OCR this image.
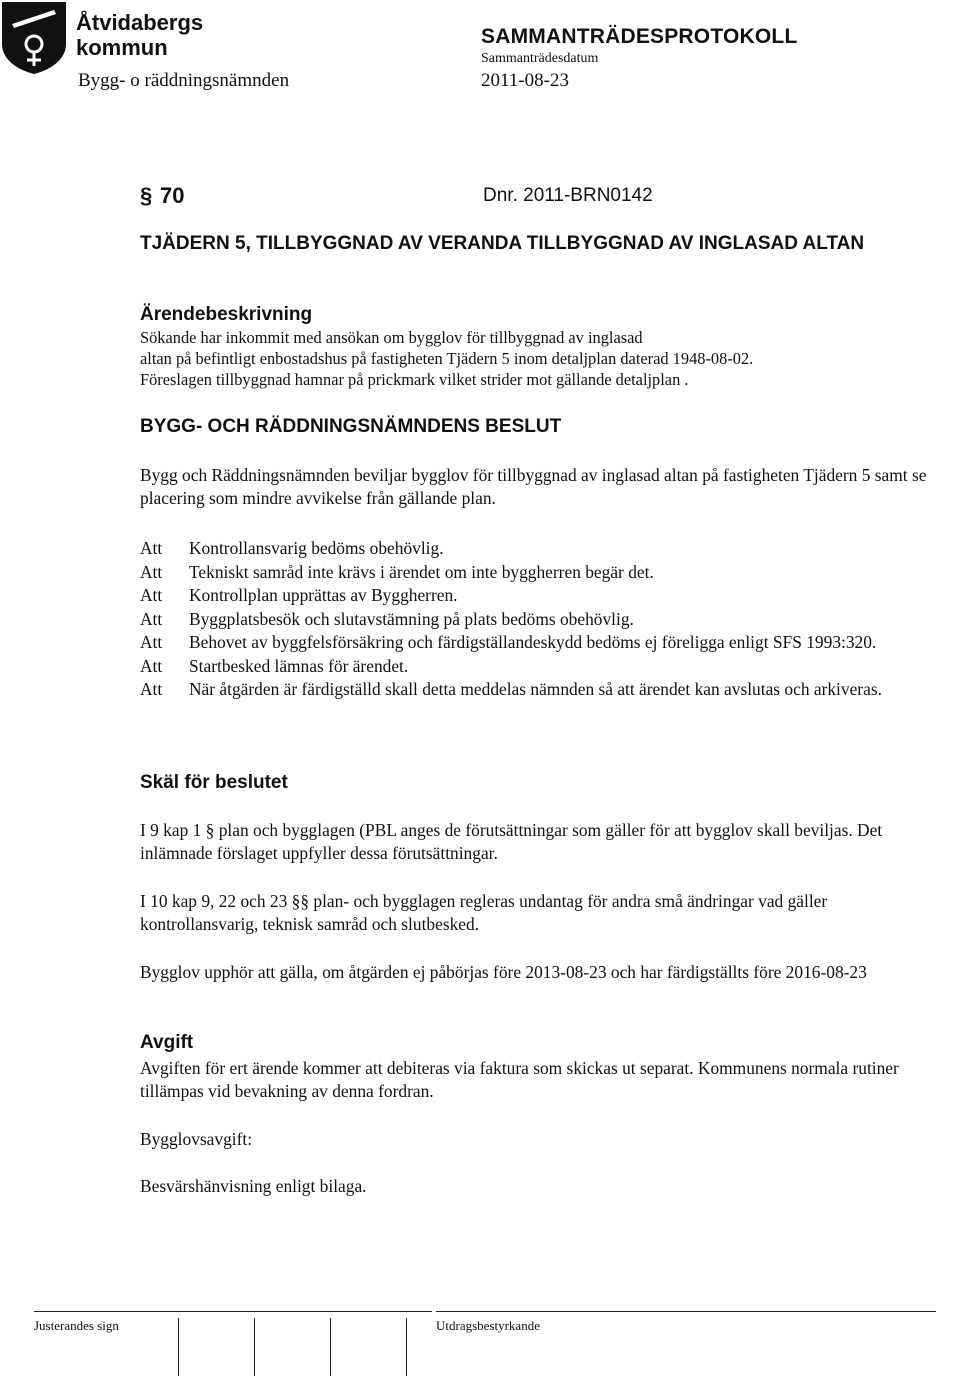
Åtvidabergs
kommun
Bygg- o räddningsnämnden
SAMMANTRÄDESPROTOKOLL
Sammanträdesdatum
2011-08-23
§ 70	Dnr. 2011-BRN0142
TJÄDERN 5, TILLBYGGNAD AV VERANDA TILLBYGGNAD AV INGLASAD ALTAN
Ärendebeskrivning
Sökande har inkommit med ansökan om bygglov för tillbyggnad av inglasad
altan på befintligt enbostadshus på fastigheten Tjädern 5 inom detaljplan daterad 1948-08-02.
Föreslagen tillbyggnad hamnar på prickmark vilket strider mot gällande detaljplan .
BYGG- OCH RÄDDNINGSNÄMNDENS BESLUT
Bygg och Räddningsnämnden beviljar bygglov för tillbyggnad av inglasad altan på fastigheten Tjädern 5 samt se placering som mindre avvikelse från gällande plan.
Att	Kontrollansvarig bedöms obehövlig.
Att	Tekniskt samråd inte krävs i ärendet om inte byggherren begär det.
Att	Kontrollplan upprättas av Byggherren.
Att	Byggplatsbesök och slutavstämning på plats bedöms obehövlig.
Att	Behovet av byggfelsförsäkring och färdigställandeskydd bedöms ej föreligga enligt SFS 1993:320.
Att	Startbesked lämnas för ärendet.
Att	När åtgärden är färdigställd skall detta meddelas nämnden så att ärendet kan avslutas och arkiveras.
Skäl för beslutet
I 9 kap 1 § plan och bygglagen (PBL anges de förutsättningar som gäller för att bygglov skall beviljas. Det inlämnade förslaget uppfyller dessa förutsättningar.
I 10 kap 9, 22 och 23 §§ plan- och bygglagen regleras undantag för andra små ändringar vad gäller kontrollansvarig, teknisk samråd och slutbesked.
Bygglov upphör att gälla, om åtgärden ej påbörjas före 2013-08-23 och har färdigställts före 2016-08-23
Avgift
Avgiften för ert ärende kommer att debiteras via faktura som skickas ut separat. Kommunens normala rutiner tillämpas vid bevakning av denna fordran.
Bygglovsavgift:
Besvärshänvisning enligt bilaga.
Justerandes sign	Utdragsbestyrkande
